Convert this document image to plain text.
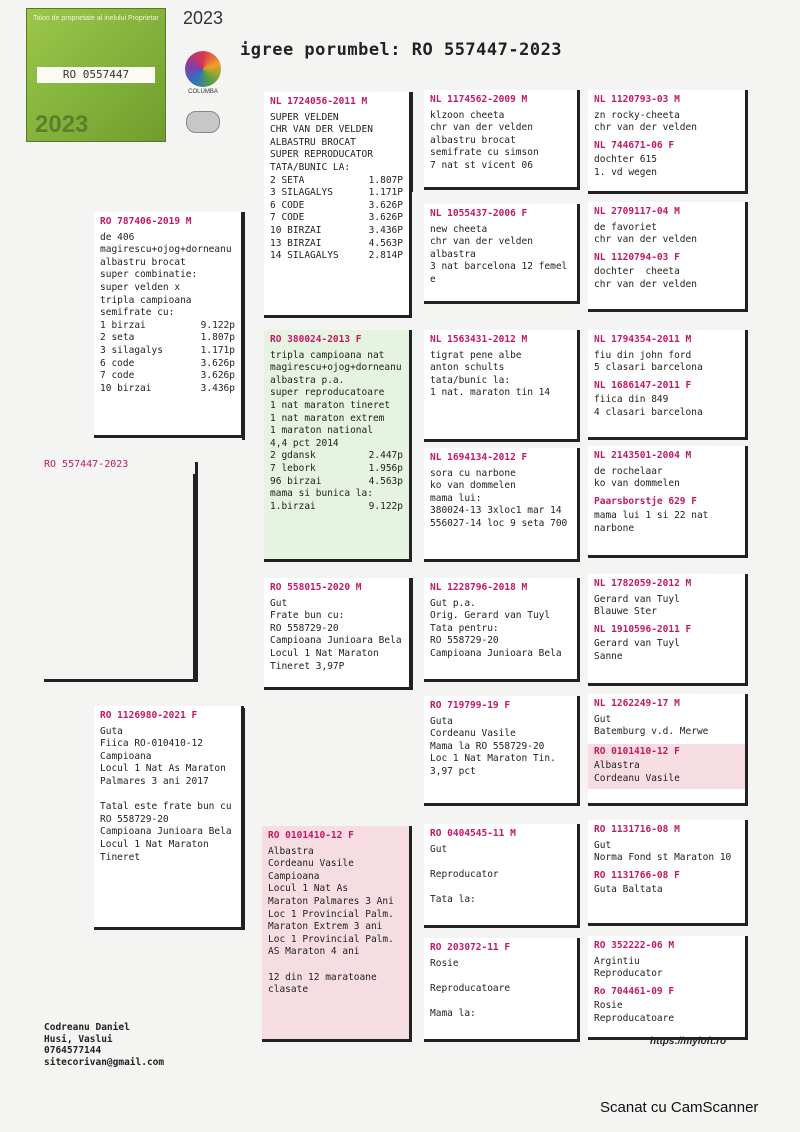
Talon de proprietate al inelului Proprietar
RO 0557447
2023
2023
COLUMBA
igree porumbel: RO 557447-2023
RO 557447-2023
RO 787406-2019 M
de 406
magirescu+ojog+dorneanu
albastru brocat
super combinatie:
super velden x
tripla campioana
semifrate cu:
1 birzai	9.122p
2 seta	1.807p
3 silagalys	1.171p
6 code	3.626p
7 code	3.626p
10 birzai	3.436p
RO 1126980-2021 F
Guta
Fiica RO-010410-12
Campioana
Locul 1 Nat As Maraton
Palmares 3 ani 2017

Tatal este frate bun cu
RO 558729-20
Campioana Junioara Bela
Locul 1 Nat Maraton
Tineret
NL 1724056-2011 M
SUPER VELDEN
CHR VAN DER VELDEN
ALBASTRU BROCAT
SUPER REPRODUCATOR
TATA/BUNIC LA:
2 SETA	1.807P
3 SILAGALYS	1.171P
6 CODE	3.626P
7 CODE	3.626P
10 BIRZAI	3.436P
13 BIRZAI	4.563P
14 SILAGALYS	2.814P
RO 380024-2013 F
tripla campioana nat
magirescu+ojog+dorneanu
albastra p.a.
super reproducatoare
1 nat maraton tineret
1 nat maraton extrem
1 maraton national
4,4 pct 2014
2 gdansk	2.447p
7 lebork	1.956p
96 birzai	4.563p
mama si bunica la:
1.birzai	9.122p
RO 558015-2020 M
Gut
Frate bun cu:
RO 558729-20
Campioana Junioara Bela
Locul 1 Nat Maraton
Tineret 3,97P
RO 0101410-12 F
Albastra
Cordeanu Vasile
Campioana
Locul 1 Nat As
Maraton Palmares 3 Ani
Loc 1 Provincial Palm.
Maraton Extrem 3 ani
Loc 1 Provincial Palm.
AS Maraton 4 ani

12 din 12 maratoane
clasate
NL 1174562-2009 M
klzoon cheeta
chr van der velden
albastru brocat
semifrate cu simson
7 nat st vicent 06
NL 1055437-2006 F
new cheeta
chr van der velden
albastra
3 nat barcelona 12 femel
e
NL 1563431-2012 M
tigrat pene albe
anton schults
tata/bunic la:
1 nat. maraton tin 14
NL 1694134-2012 F
sora cu narbone
ko van dommelen
mama lui:
380024-13 3xloc1 mar 14
556027-14 loc 9 seta 700
NL 1228796-2018 M
Gut p.a.
Orig. Gerard van Tuyl
Tata pentru:
RO 558729-20
Campioana Junioara Bela
RO 719799-19 F
Guta
Cordeanu Vasile
Mama la RO 558729-20
Loc 1 Nat Maraton Tin.
3,97 pct
RO 0404545-11 M
Gut

Reproducator

Tata la:
RO 203072-11 F
Rosie

Reproducatoare

Mama la:
NL 1120793-03 M
zn rocky-cheeta
chr van der velden
NL 744671-06 F
dochter 615
1. vd wegen
NL 2709117-04 M
de favoriet
chr van der velden
NL 1120794-03 F
dochter  cheeta
chr van der velden
NL 1794354-2011 M
fiu din john ford
5 clasari barcelona
NL 1686147-2011 F
fiica din 849
4 clasari barcelona
NL 2143501-2004 M
de rochelaar
ko van dommelen
Paarsborstje 629 F
mama lui 1 si 22 nat
narbone
NL 1782059-2012 M
Gerard van Tuyl
Blauwe Ster
NL 1910596-2011 F
Gerard van Tuyl
Sanne
NL 1262249-17 M
Gut
Batemburg v.d. Merwe
RO 0101410-12 F
Albastra
Cordeanu Vasile
RO 1131716-08 M
Gut
Norma Fond st Maraton 10
RO 1131766-08 F
Guta Baltata
RO 352222-06 M
Argintiu
Reproducator
Ro 704461-09 F
Rosie
Reproducatoare
Codreanu Daniel
Husi, Vaslui
0764577144
sitecorivan@gmail.com
https://myloft.ro
Scanat cu CamScanner
